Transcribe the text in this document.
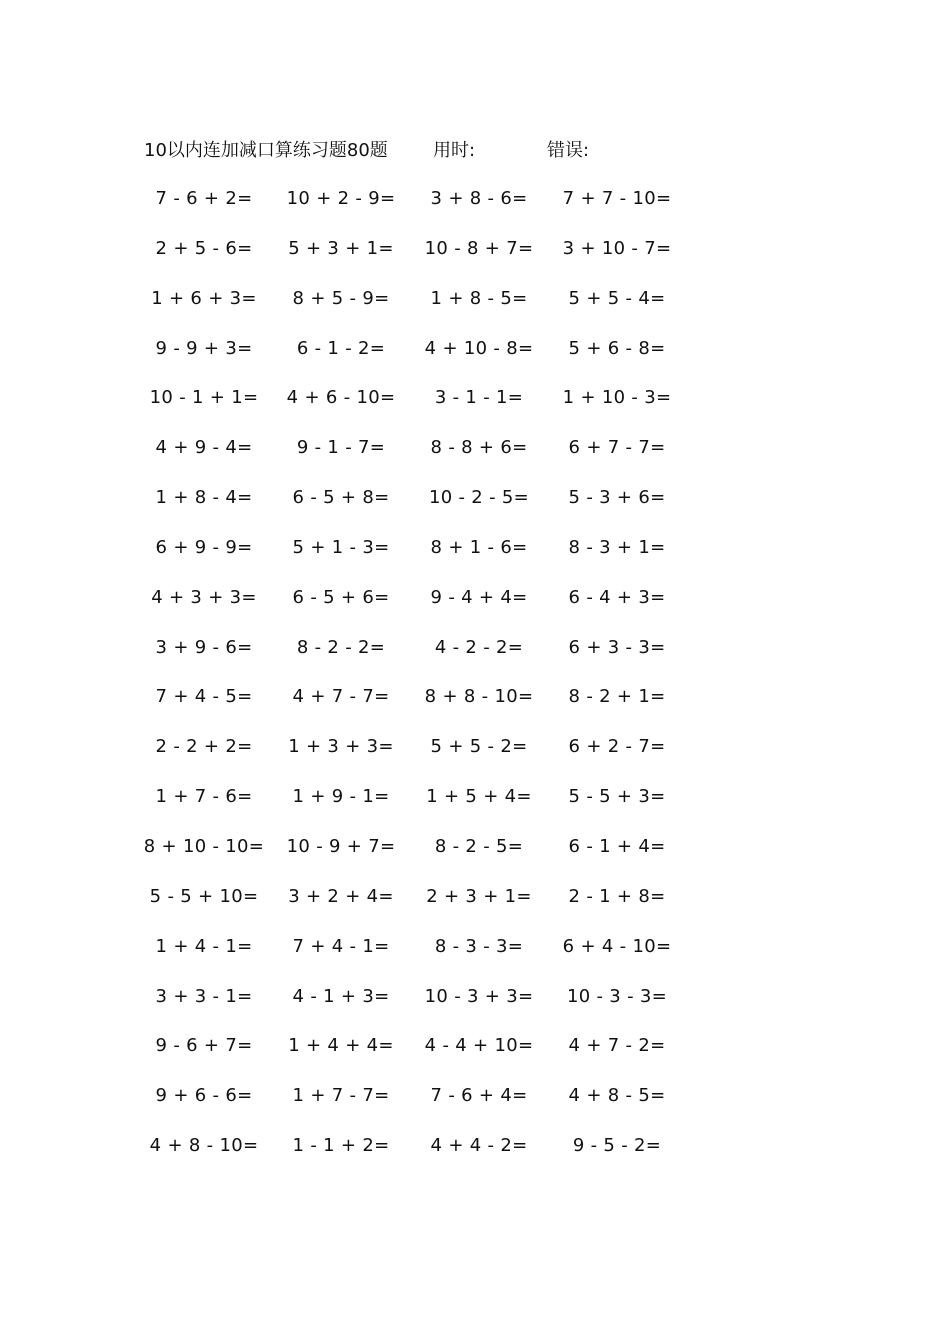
10以内连加减口算练习题80题	用时:	错误:
7 - 6 + 2=	10 + 2 - 9=	3 + 8 - 6=	7 + 7 - 10=
2 + 5 - 6=	5 + 3 + 1=	10 - 8 + 7=	3 + 10 - 7=
1 + 6 + 3=	8 + 5 - 9=	1 + 8 - 5=	5 + 5 - 4=
9 - 9 + 3=	6 - 1 - 2=	4 + 10 - 8=	5 + 6 - 8=
10 - 1 + 1=	4 + 6 - 10=	3 - 1 - 1=	1 + 10 - 3=
4 + 9 - 4=	9 - 1 - 7=	8 - 8 + 6=	6 + 7 - 7=
1 + 8 - 4=	6 - 5 + 8=	10 - 2 - 5=	5 - 3 + 6=
6 + 9 - 9=	5 + 1 - 3=	8 + 1 - 6=	8 - 3 + 1=
4 + 3 + 3=	6 - 5 + 6=	9 - 4 + 4=	6 - 4 + 3=
3 + 9 - 6=	8 - 2 - 2=	4 - 2 - 2=	6 + 3 - 3=
7 + 4 - 5=	4 + 7 - 7=	8 + 8 - 10=	8 - 2 + 1=
2 - 2 + 2=	1 + 3 + 3=	5 + 5 - 2=	6 + 2 - 7=
1 + 7 - 6=	1 + 9 - 1=	1 + 5 + 4=	5 - 5 + 3=
8 + 10 - 10=	10 - 9 + 7=	8 - 2 - 5=	6 - 1 + 4=
5 - 5 + 10=	3 + 2 + 4=	2 + 3 + 1=	2 - 1 + 8=
1 + 4 - 1=	7 + 4 - 1=	8 - 3 - 3=	6 + 4 - 10=
3 + 3 - 1=	4 - 1 + 3=	10 - 3 + 3=	10 - 3 - 3=
9 - 6 + 7=	1 + 4 + 4=	4 - 4 + 10=	4 + 7 - 2=
9 + 6 - 6=	1 + 7 - 7=	7 - 6 + 4=	4 + 8 - 5=
4 + 8 - 10=	1 - 1 + 2=	4 + 4 - 2=	9 - 5 - 2=
